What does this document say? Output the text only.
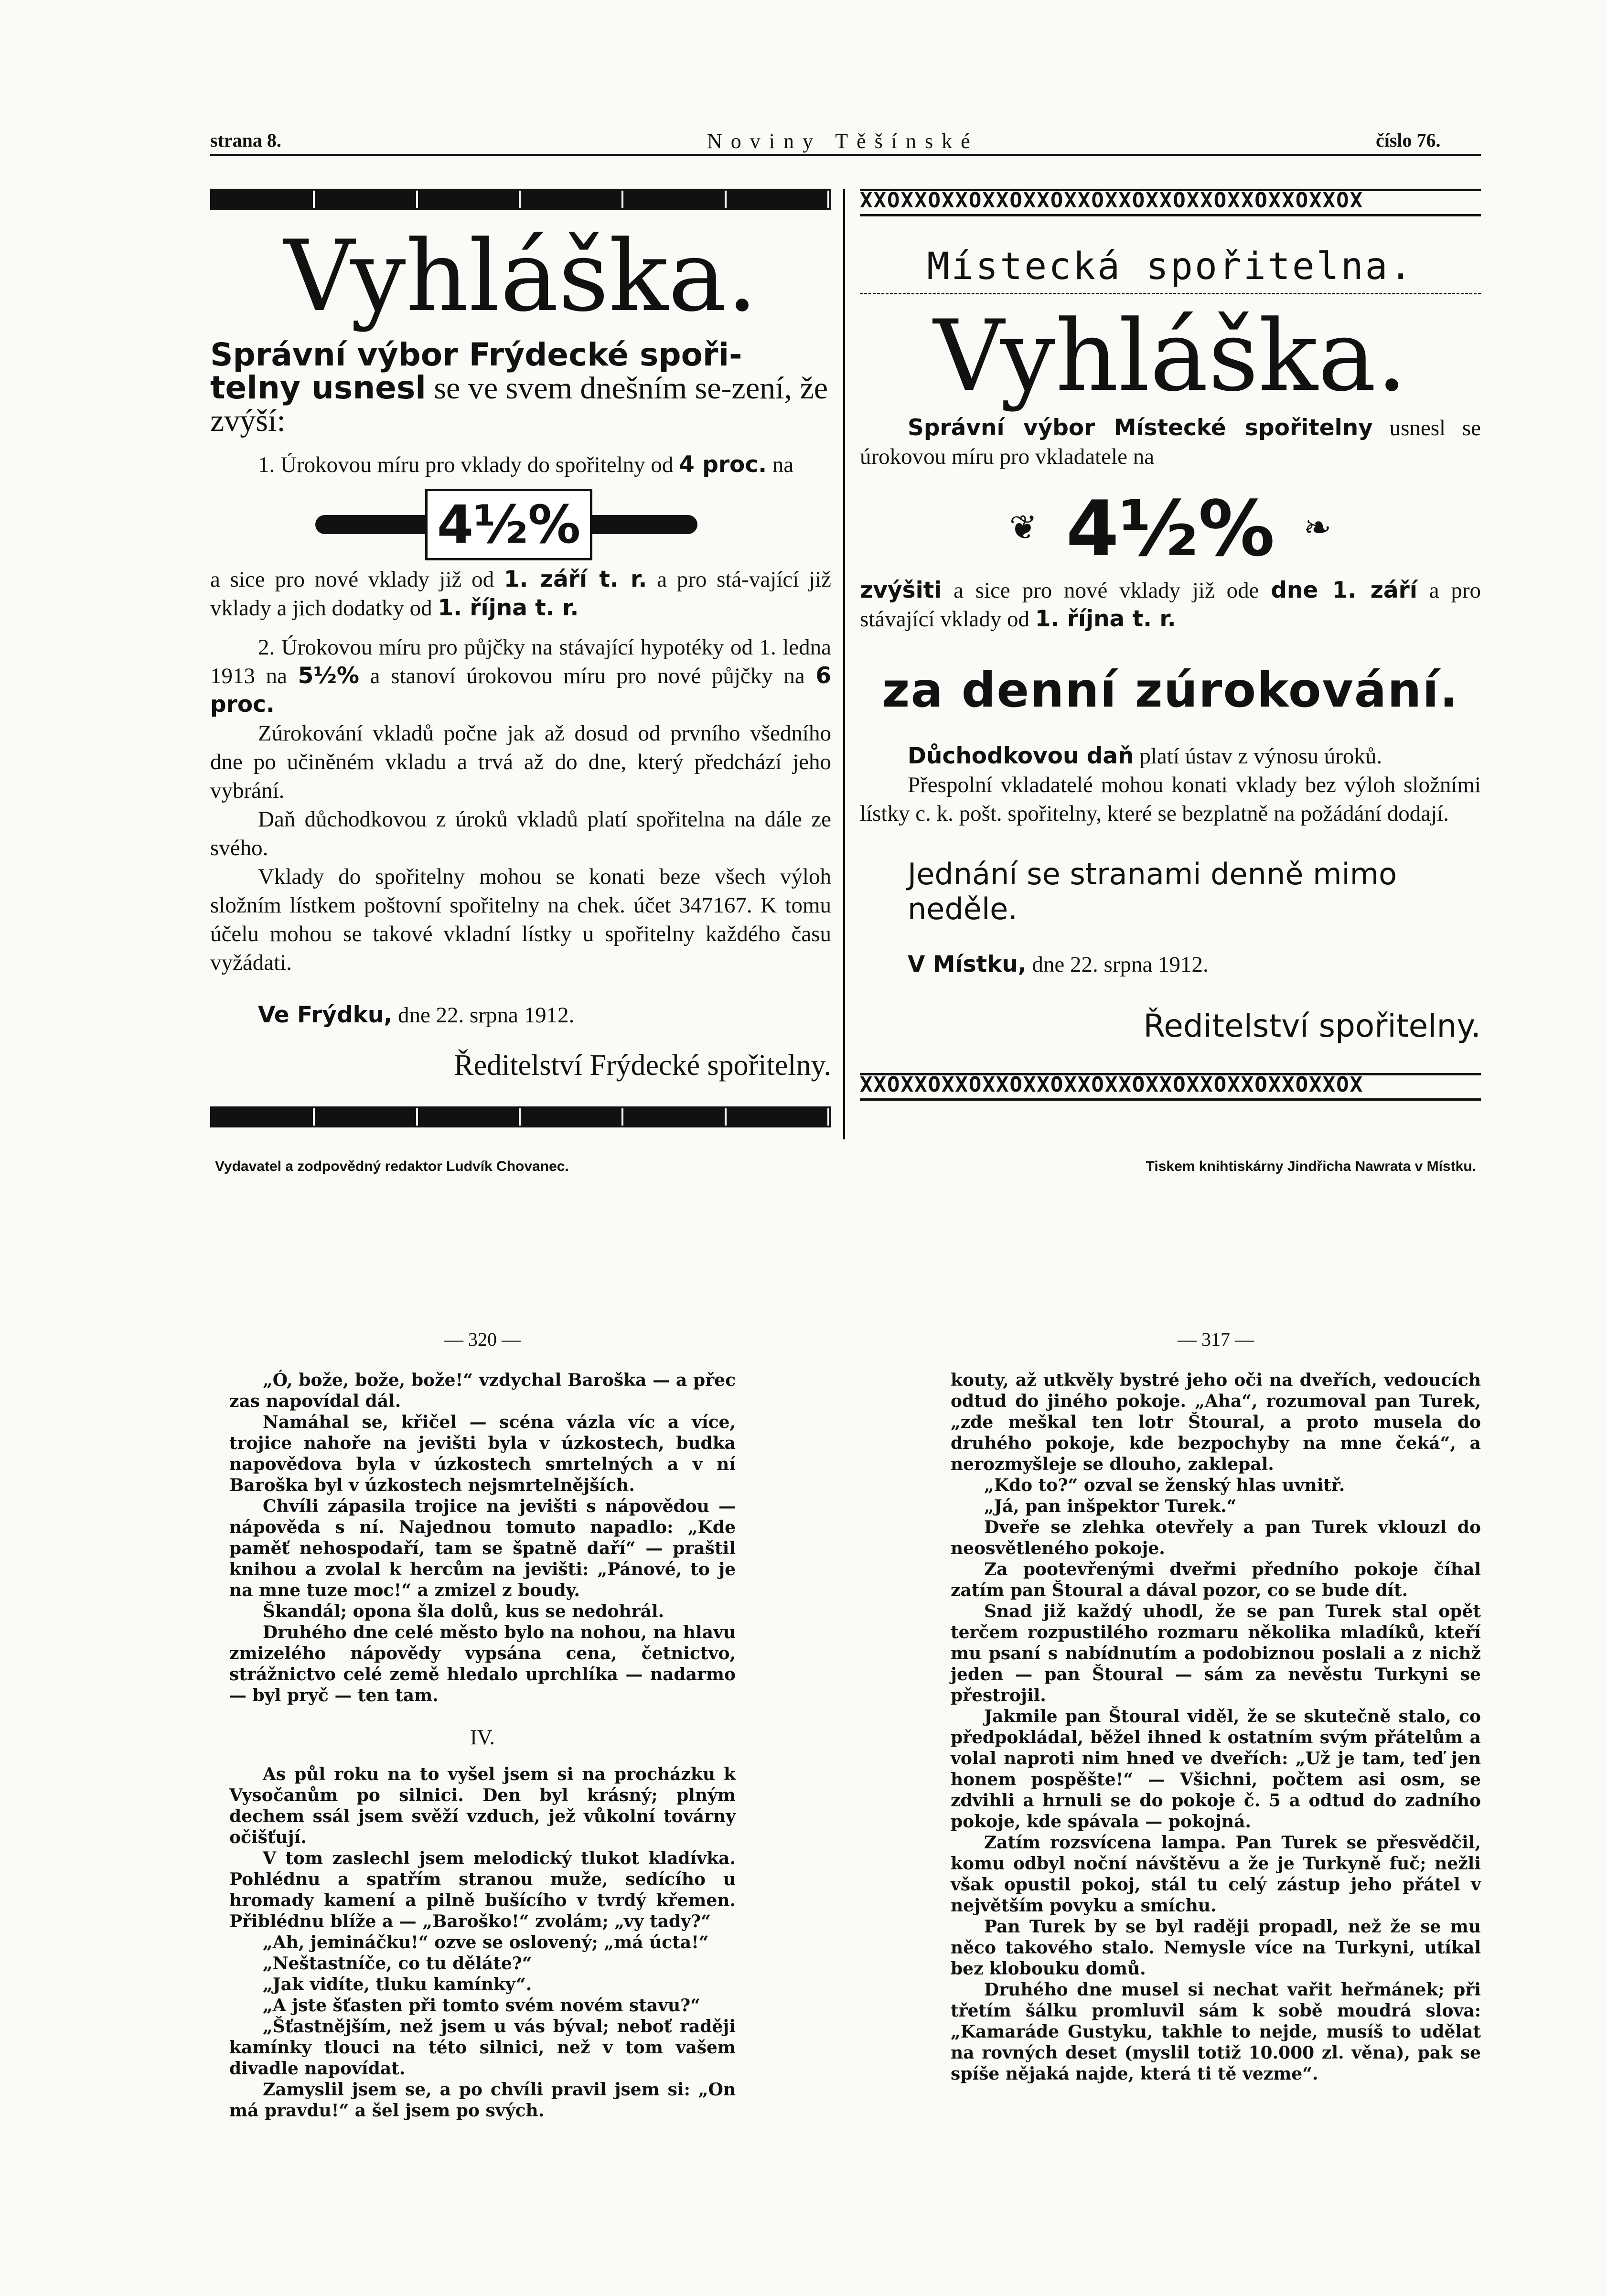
strana 8.	Noviny Těšínské	číslo 76.
Vyhláška.

Správní výbor Frýdecké spoři-telny usnesl se ve svem dnešním se-zení, že zvýší:

1. Úrokovou míru pro vklady do spořitelny od 4 proc. na

4½%

a sice pro nové vklady již od 1. září t. r. a pro stá-vající již vklady a jich dodatky od 1. října t. r.

2. Úrokovou míru pro půjčky na stávající hypotéky od 1. ledna 1913 na 5½% a stanoví úrokovou míru pro nové půjčky na 6 proc.

Zúrokování vkladů počne jak až dosud od prvního všedního dne po učiněném vkladu a trvá až do dne, který předchází jeho vybrání.

Daň důchodkovou z úroků vkladů platí spořitelna na dále ze svého.

Vklady do spořitelny mohou se konati beze všech výloh složním lístkem poštovní spořitelny na chek. účet 347167. K tomu účelu mohou se takové vkladní lístky u spořitelny každého času vyžádati.

Ve Frýdku, dne 22. srpna 1912.

Ředitelství Frýdecké spořitelny.
XXOXXOXXOXXOXXOXXOXXOXXOXXOXXOXXOXXOX
Místecká spořitelna.
Vyhláška.

Správní výbor Místecké spořitelny usnesl se úrokovou míru pro vkladatele na

❦ 4½% ❧

zvýšiti a sice pro nové vklady již ode dne 1. září a pro stávající vklady od 1. října t. r.

za denní zúrokování.

Důchodkovou daň platí ústav z výnosu úroků.

Přespolní vkladatelé mohou konati vklady bez výloh složními lístky c. k. pošt. spořitelny, které se bezplatně na požádání dodají.

Jednání se stranami denně mimo neděle.

V Místku, dne 22. srpna 1912.

Ředitelství spořitelny.
XXOXXOXXOXXOXXOXXOXXOXXOXXOXXOXXOXXOX
Vydavatel a zodpovědný redaktor Ludvík Chovanec.	Tiskem knihtiskárny Jindřicha Nawrata v Místku.
— 320 —

„Ó, bože, bože, bože!“ vzdychal Baroška — a přec zas napovídal dál.

Namáhal se, křičel — scéna vázla víc a více, trojice nahoře na jevišti byla v úzkostech, budka napovědova byla v úzkostech smrtelných a v ní Baroška byl v úzkostech nejsmrtelnějších.

Chvíli zápasila trojice na jevišti s nápovědou — nápověda s ní. Najednou tomuto napadlo: „Kde paměť nehospodaří, tam se špatně daří“ — praštil knihou a zvolal k hercům na jevišti: „Pánové, to je na mne tuze moc!“ a zmizel z boudy.

Škandál; opona šla dolů, kus se nedohrál.

Druhého dne celé město bylo na nohou, na hlavu zmizelého nápovědy vypsána cena, četnictvo, strážnictvo celé země hledalo uprchlíka — nadarmo — byl pryč — ten tam.

IV.

As půl roku na to vyšel jsem si na procházku k Vysočanům po silnici. Den byl krásný; plným dechem ssál jsem svěží vzduch, jež vůkolní továrny očišťují.

V tom zaslechl jsem melodický tlukot kladívka. Pohlédnu a spatřím stranou muže, sedícího u hromady kamení a pilně bušícího v tvrdý křemen. Přiblédnu blíže a — „Baroško!“ zvolám; „vy tady?“

„Ah, jemináčku!“ ozve se oslovený; „má úcta!“

„Neštastníče, co tu děláte?“

„Jak vidíte, tluku kamínky“.

„A jste šťasten při tomto svém novém stavu?“

„Šťastnějším, než jsem u vás býval; neboť raději kamínky tlouci na této silnici, než v tom vašem divadle napovídat.

Zamyslil jsem se, a po chvíli pravil jsem si: „On má pravdu!“ a šel jsem po svých.

— 317 —

kouty, až utkvěly bystré jeho oči na dveřích, vedoucích odtud do jiného pokoje. „Aha“, rozumoval pan Turek, „zde meškal ten lotr Štoural, a proto musela do druhého pokoje, kde bezpochyby na mne čeká“, a nerozmyšleje se dlouho, zaklepal.

„Kdo to?“ ozval se ženský hlas uvnitř.

„Já, pan inšpektor Turek.“

Dveře se zlehka otevřely a pan Turek vklouzl do neosvětleného pokoje.

Za pootevřenými dveřmi předního pokoje číhal zatím pan Štoural a dával pozor, co se bude dít.

Snad již každý uhodl, že se pan Turek stal opět terčem rozpustilého rozmaru několika mladíků, kteří mu psaní s nabídnutím a podobiznou poslali a z nichž jeden — pan Štoural — sám za nevěstu Turkyni se přestrojil.

Jakmile pan Štoural viděl, že se skutečně stalo, co předpokládal, běžel ihned k ostatním svým přátelům a volal naproti nim hned ve dveřích: „Už je tam, teď jen honem pospěšte!“ — Všichni, počtem asi osm, se zdvihli a hrnuli se do pokoje č. 5 a odtud do zadního pokoje, kde spávala — pokojná.

Zatím rozsvícena lampa. Pan Turek se přesvědčil, komu odbyl noční návštěvu a že je Turkyně fuč; nežli však opustil pokoj, stál tu celý zástup jeho přátel v největším povyku a smíchu.

Pan Turek by se byl raději propadl, než že se mu něco takového stalo. Nemysle více na Turkyni, utíkal bez klobouku domů.

Druhého dne musel si nechat vařit heřmánek; při třetím šálku promluvil sám k sobě moudrá slova: „Kamaráde Gustyku, takhle to nejde, musíš to udělat na rovných deset (myslil totiž 10.000 zl. věna), pak se spíše nějaká najde, která ti tě vezme“.
